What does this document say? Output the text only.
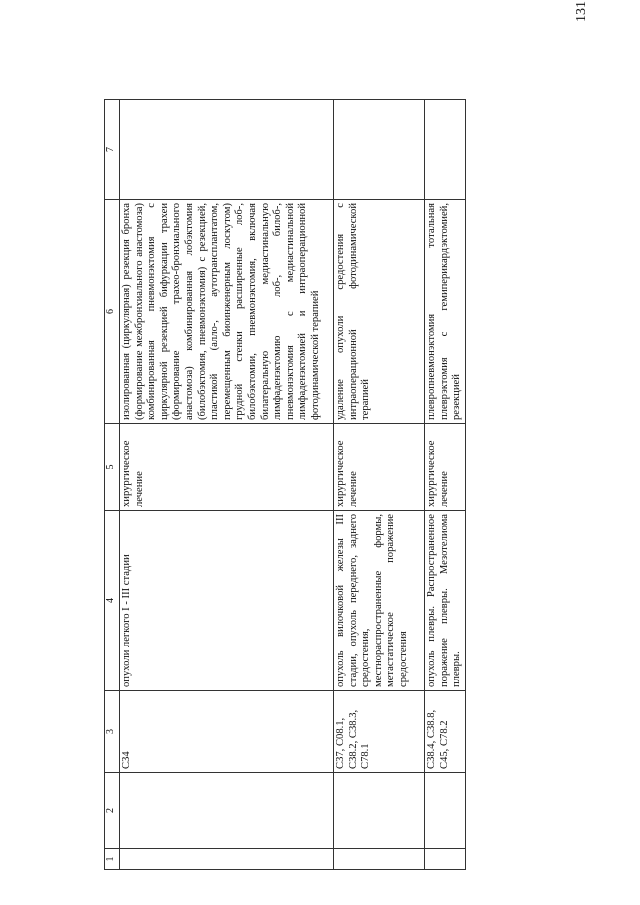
131
1	2	3	4	5	6	7
		C34	опухоли легкого I - III стадии	хирургическое лечение	изолированная (циркулярная) резекция бронха (формирование межбронхиального анастомоза) комбинированная пневмонэктомия с циркулярной резекцией бифуркации трахеи (формирование трахео-бронхиального анастомоза) комбинированная лобэктомия (билобэктомия, пневмонэктомия) с резекцией, пластикой (алло-, аутотрансплантатом, перемещенным биоинженерным лоскутом) грудной стенки расширенные лоб-, билобэктомии, пневмонэктомия, включая билатеральную медиастинальную лимфаденэктомию лоб-, билоб-, пневмонэктомия с медиастинальной лимфаденэктомией и интраоперационной фотодинамической терапией	
		C37, C08.1, C38.2, C38.3, C78.1	опухоль вилочковой железы III стадии, опухоль переднего, заднего средостения, местнораспространенные формы, метастатическое поражение средостения	хирургическое лечение	удаление опухоли средостения с интраоперационной фотодинамической терапией	
		C38.4, C38.8, C45, C78.2	опухоль плевры. Распространенное поражение плевры. Мезотелиома плевры.	хирургическое лечение	плевропневмонэктомия тотальная плеврэктомия с гемиперикардэктомией, резекцией	
